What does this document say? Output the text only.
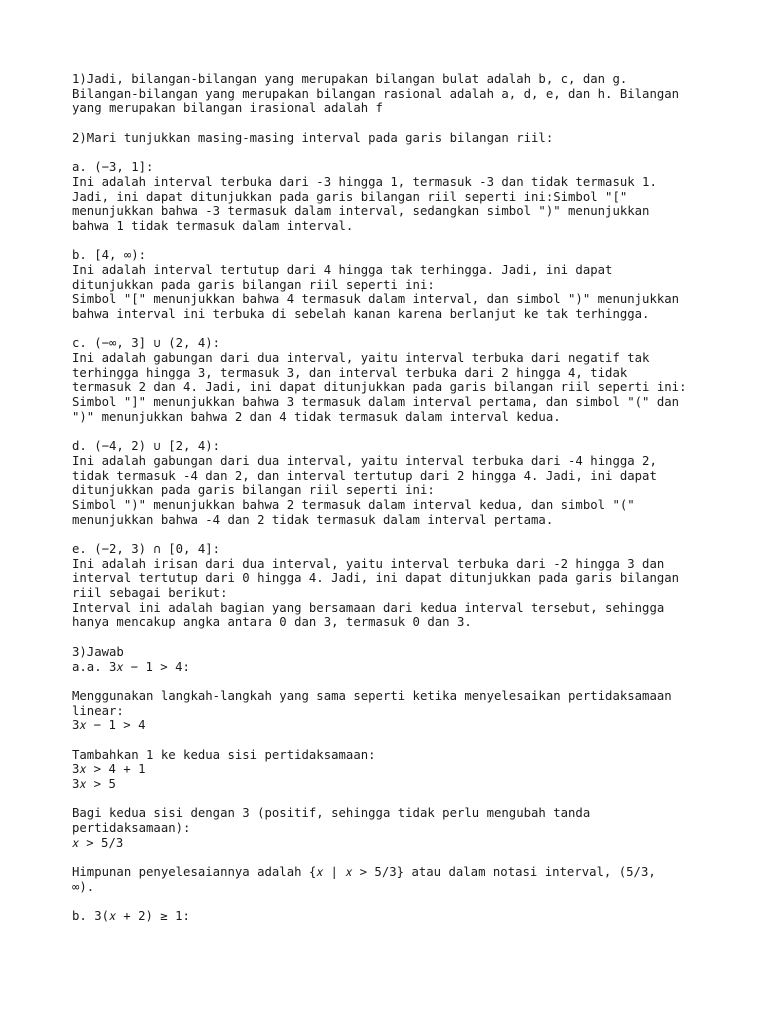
1)Jadi, bilangan-bilangan yang merupakan bilangan bulat adalah b, c, dan g.
Bilangan-bilangan yang merupakan bilangan rasional adalah a, d, e, dan h. Bilangan
yang merupakan bilangan irasional adalah f
2)Mari tunjukkan masing-masing interval pada garis bilangan riil:
a. (−3, 1]:
Ini adalah interval terbuka dari -3 hingga 1, termasuk -3 dan tidak termasuk 1.
Jadi, ini dapat ditunjukkan pada garis bilangan riil seperti ini:Simbol "["
menunjukkan bahwa -3 termasuk dalam interval, sedangkan simbol ")" menunjukkan
bahwa 1 tidak termasuk dalam interval.
b. [4, ∞):
Ini adalah interval tertutup dari 4 hingga tak terhingga. Jadi, ini dapat
ditunjukkan pada garis bilangan riil seperti ini:
Simbol "[" menunjukkan bahwa 4 termasuk dalam interval, dan simbol ")" menunjukkan
bahwa interval ini terbuka di sebelah kanan karena berlanjut ke tak terhingga.
c. (−∞, 3] ∪ (2, 4):
Ini adalah gabungan dari dua interval, yaitu interval terbuka dari negatif tak
terhingga hingga 3, termasuk 3, dan interval terbuka dari 2 hingga 4, tidak
termasuk 2 dan 4. Jadi, ini dapat ditunjukkan pada garis bilangan riil seperti ini:
Simbol "]" menunjukkan bahwa 3 termasuk dalam interval pertama, dan simbol "(" dan
")" menunjukkan bahwa 2 dan 4 tidak termasuk dalam interval kedua.
d. (−4, 2) ∪ [2, 4):
Ini adalah gabungan dari dua interval, yaitu interval terbuka dari -4 hingga 2,
tidak termasuk -4 dan 2, dan interval tertutup dari 2 hingga 4. Jadi, ini dapat
ditunjukkan pada garis bilangan riil seperti ini:
Simbol ")" menunjukkan bahwa 2 termasuk dalam interval kedua, dan simbol "("
menunjukkan bahwa -4 dan 2 tidak termasuk dalam interval pertama.
e. (−2, 3) ∩ [0, 4]:
Ini adalah irisan dari dua interval, yaitu interval terbuka dari -2 hingga 3 dan
interval tertutup dari 0 hingga 4. Jadi, ini dapat ditunjukkan pada garis bilangan
riil sebagai berikut:
Interval ini adalah bagian yang bersamaan dari kedua interval tersebut, sehingga
hanya mencakup angka antara 0 dan 3, termasuk 0 dan 3.
3)Jawab
a.a. 3𝑥 − 1 > 4:
Menggunakan langkah-langkah yang sama seperti ketika menyelesaikan pertidaksamaan
linear:
3𝑥 − 1 > 4
Tambahkan 1 ke kedua sisi pertidaksamaan:
3𝑥 > 4 + 1
3𝑥 > 5
Bagi kedua sisi dengan 3 (positif, sehingga tidak perlu mengubah tanda
pertidaksamaan):
𝑥 > 5/3
Himpunan penyelesaiannya adalah {𝑥 ∣ 𝑥 > 5/3} atau dalam notasi interval, (5/3,
∞).
b. 3(𝑥 + 2) ≥ 1:
